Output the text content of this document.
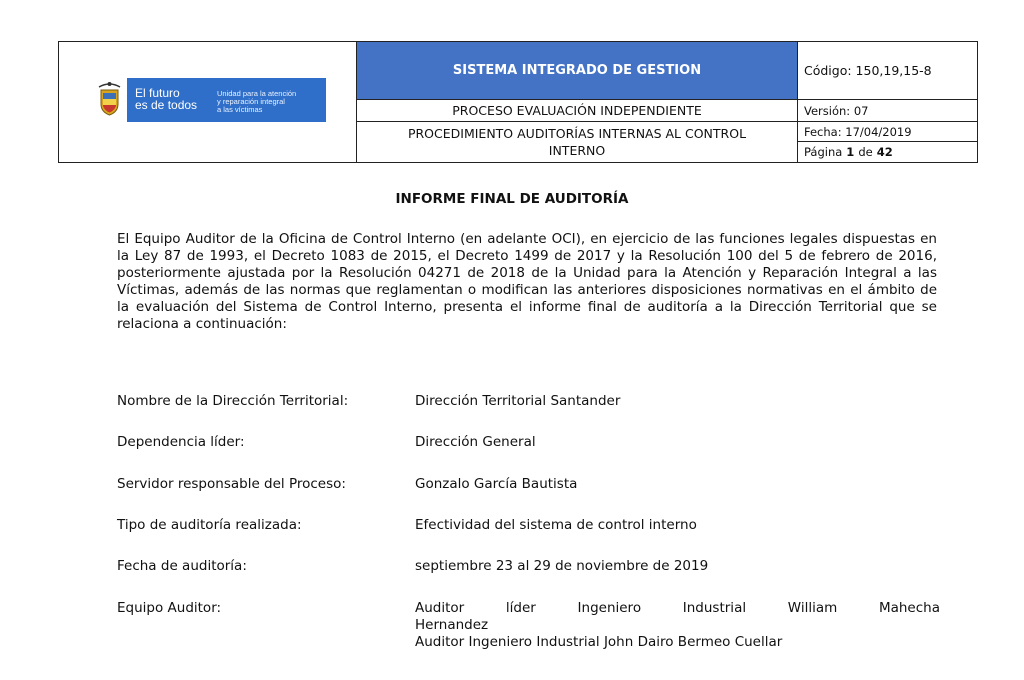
El futuro
es de todos
Unidad para la atención
y reparación integral
a las víctimas
SISTEMA INTEGRADO DE GESTION
PROCESO EVALUACIÓN INDEPENDIENTE
PROCEDIMIENTO AUDITORÍAS INTERNAS AL CONTROL
INTERNO
Código: 150,19,15-8
Versión: 07
Fecha: 17/04/2019
Página 1 de 42
INFORME FINAL DE AUDITORÍA
El Equipo Auditor de la Oficina de Control Interno (en adelante OCI), en ejercicio de las funciones legales dispuestas en la Ley 87 de 1993, el Decreto 1083 de 2015, el Decreto 1499 de 2017 y la Resolución 100 del 5 de febrero de 2016, posteriormente ajustada por la Resolución 04271 de 2018 de la Unidad para la Atención y Reparación Integral a las Víctimas, además de las normas que reglamentan o modifican las anteriores disposiciones normativas en el ámbito de la evaluación del Sistema de Control Interno, presenta el informe final de auditoría a la Dirección Territorial que se relaciona a continuación:
Nombre de la Dirección Territorial:	Dirección Territorial Santander
Dependencia líder:	Dirección General
Servidor responsable del Proceso:	Gonzalo García Bautista
Tipo de auditoría realizada:	Efectividad del sistema de control interno
Fecha de auditoría:	septiembre 23 al 29 de noviembre de 2019
Equipo Auditor:	Auditor líder Ingeniero Industrial William Mahecha
Hernandez
Auditor Ingeniero Industrial John Dairo Bermeo Cuellar
